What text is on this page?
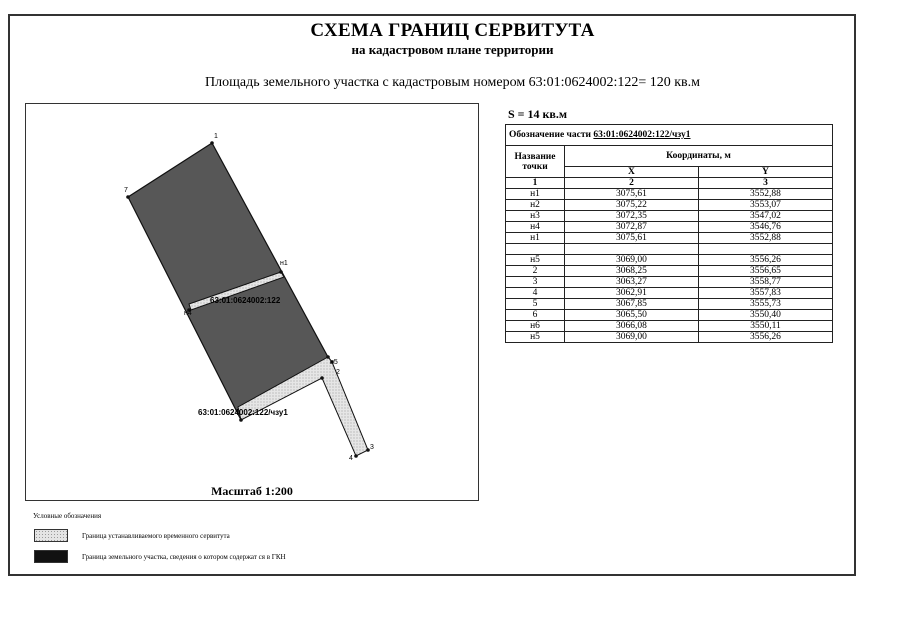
СХЕМА ГРАНИЦ СЕРВИТУТА
на кадастровом плане территории
Площадь земельного участка с кадастровым номером 63:01:0624002:122= 120 кв.м
1
7
н1
н4
н5
2
3
4
63:01:0624002:122
63:01:0624002:122/чзу1
Масштаб 1:200
S = 14 кв.м
Обозначение части 63:01:0624002:122/чзу1		
Название точки	Координаты, м	
	X	Y
1	2	3
н1	3075,61	3552,88
н2	3075,22	3553,07
н3	3072,35	3547,02
н4	3072,87	3546,76
н1	3075,61	3552,88

н5	3069,00	3556,26
2	3068,25	3556,65
3	3063,27	3558,77
4	3062,91	3557,83
5	3067,85	3555,73
6	3065,50	3550,40
н6	3066,08	3550,11
н5	3069,00	3556,26
Условные обозначения
Граница устанавливаемого временного сервитута
Граница земельного участка, сведения о котором содержат ся в ГКН
